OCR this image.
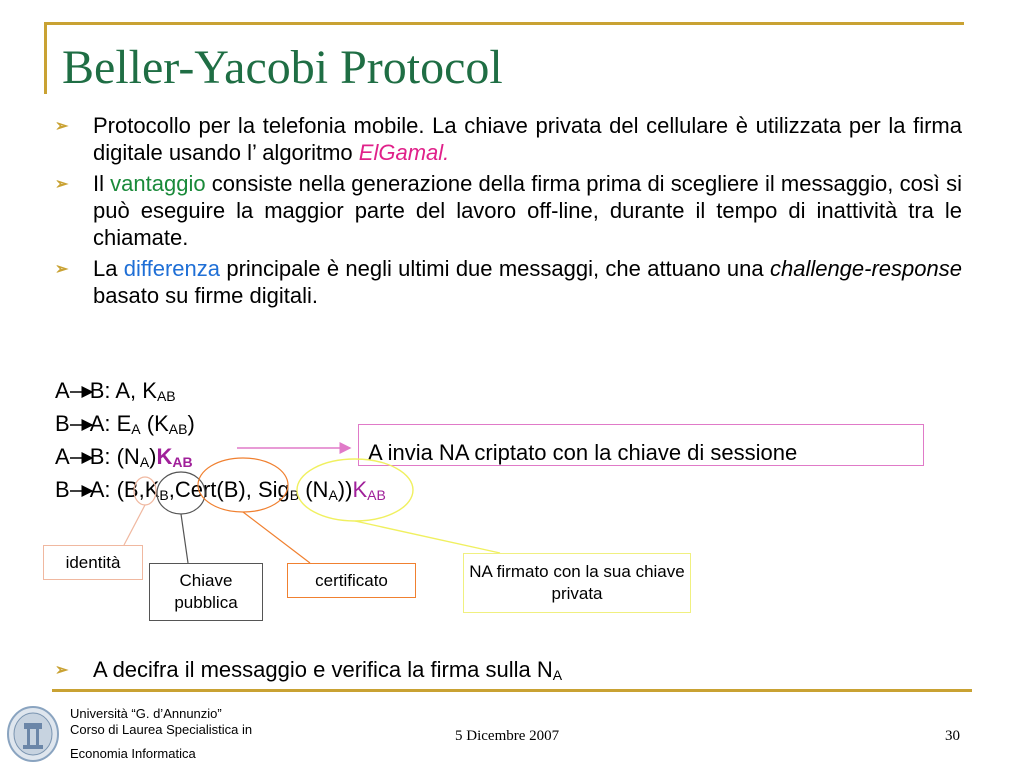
Beller-Yacobi Protocol
➢ Protocollo per la telefonia mobile. La chiave privata del cellulare è utilizzata per la firma digitale usando l’ algoritmo ElGamal.
➢ Il vantaggio consiste nella generazione della firma prima di scegliere il messaggio, così si può eseguire la maggior parte del lavoro off-line, durante il tempo di inattività tra le chiamate.
➢ La differenza principale è negli ultimi due messaggi, che attuano una challenge-response basato su firme digitali.
A B: A, $K_{AB}$
B A: $E_A$ $(K_{AB})$
A B: $(N_A)K_{AB}$
B A: ($B,K_B,Cert(B)$, Sig$_B$ $(N_A))K_{AB}$
A invia NA criptato con la chiave di sessione
identità
Chiave pubblica
certificato	NA firmato con la sua chiave privata
➢ A decifra il messaggio e verifica la firma sulla $N_A$
Università “G. d’Annunzio”
Corso di Laurea Specialistica in
Economia Informatica
5 Dicembre 2007	30
